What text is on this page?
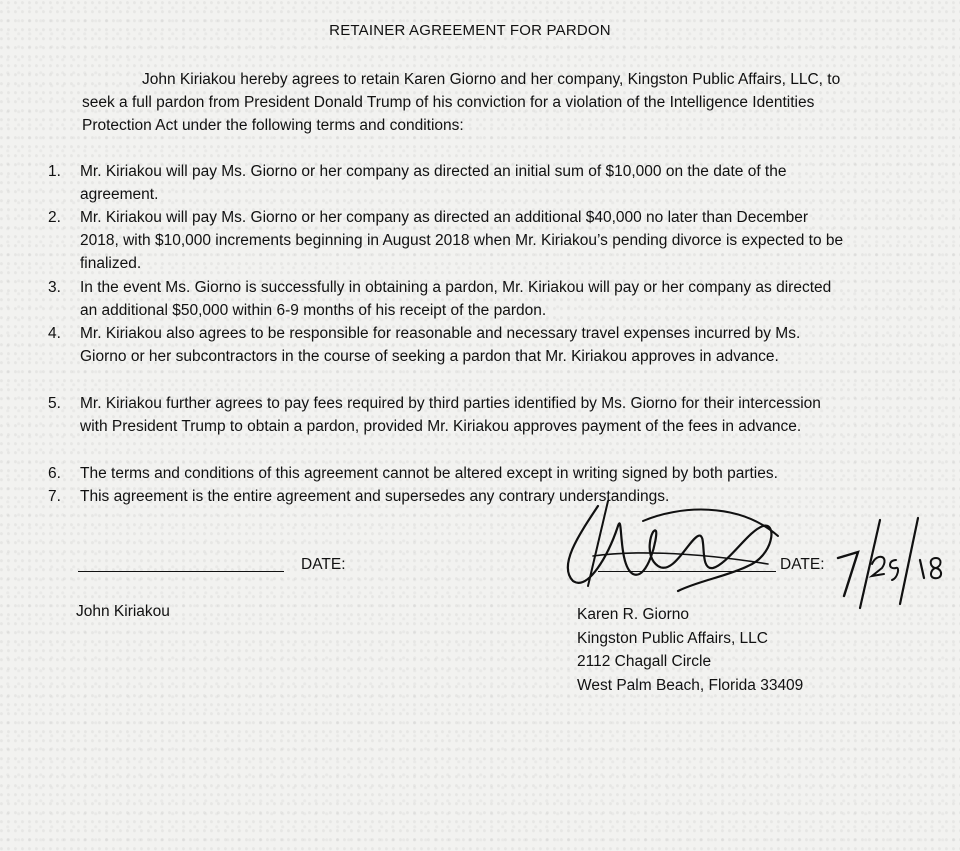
RETAINER AGREEMENT FOR PARDON
John Kiriakou hereby agrees to retain Karen Giorno and her company, Kingston Public Affairs, LLC, to seek a full pardon from President Donald Trump of his conviction for a violation of the Intelligence Identities Protection Act under the following terms and conditions:
1.	Mr. Kiriakou will pay Ms. Giorno or her company as directed an initial sum of $10,000 on the date of the agreement.
2.	Mr. Kiriakou will pay Ms. Giorno or her company as directed an additional $40,000 no later than December 2018, with $10,000 increments beginning in August 2018 when Mr. Kiriakou’s pending divorce is expected to be finalized.
3.	In the event Ms. Giorno is successfully in obtaining a pardon, Mr. Kiriakou will pay or her company as directed an additional $50,000 within 6-9 months of his receipt of the pardon.
4.	Mr. Kiriakou also agrees to be responsible for reasonable and necessary travel expenses incurred by Ms. Giorno or her subcontractors in the course of seeking a pardon that Mr. Kiriakou approves in advance.
5.	Mr. Kiriakou further agrees to pay fees required by third parties identified by Ms. Giorno for their intercession with President Trump to obtain a pardon, provided Mr. Kiriakou approves payment of the fees in advance.
6.	The terms and conditions of this agreement cannot be altered except in writing signed by both parties.
7.	This agreement is the entire agreement and supersedes any contrary understandings.
DATE:	DATE:
John Kiriakou	Karen R. Giorno
Kingston Public Affairs, LLC
2112 Chagall Circle
West Palm Beach, Florida 33409
